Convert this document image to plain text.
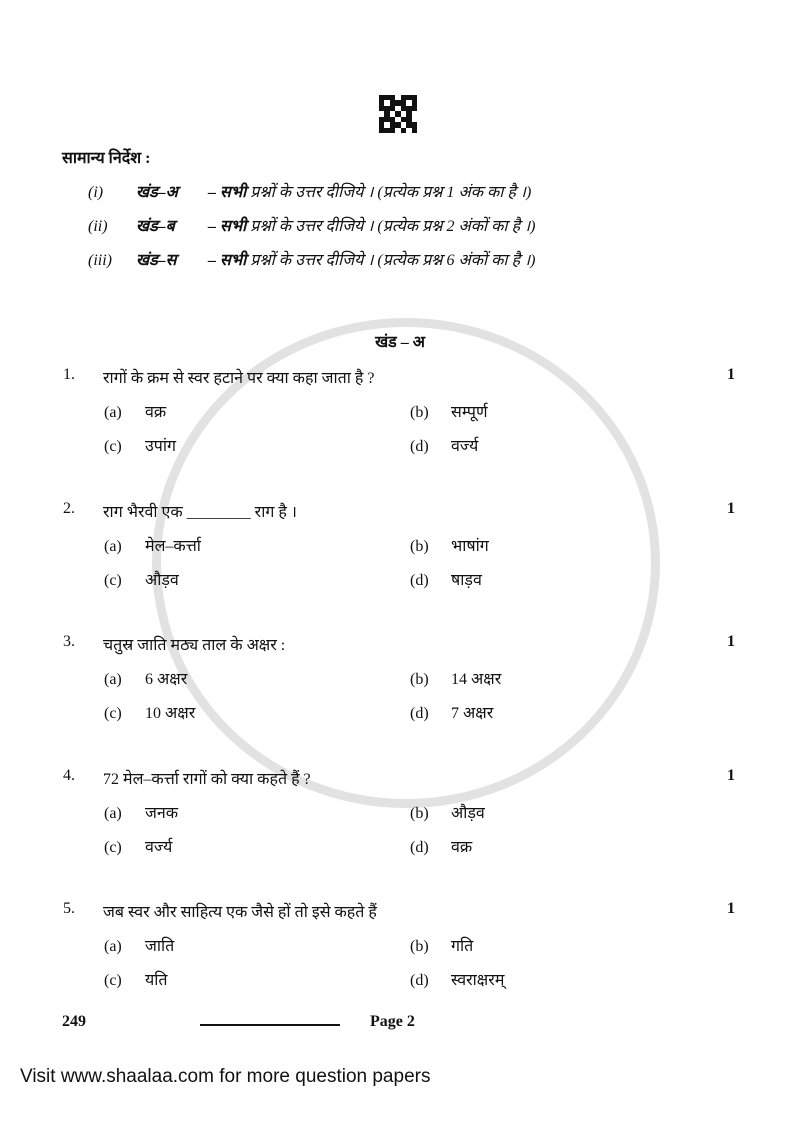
सामान्य निर्देश :
(i) खंड–अ – सभी प्रश्नों के उत्तर दीजिये । (प्रत्येक प्रश्न 1 अंक का है ।)
(ii) खंड–ब – सभी प्रश्नों के उत्तर दीजिये । (प्रत्येक प्रश्न 2 अंकों का है ।)
(iii) खंड–स – सभी प्रश्नों के उत्तर दीजिये । (प्रत्येक प्रश्न 6 अंकों का है ।)
खंड – अ
1. रागों के क्रम से स्वर हटाने पर क्या कहा जाता है ?	1
(a) वक्र	(b) सम्पूर्ण
(c) उपांग	(d) वर्ज्य
2. राग भैरवी एक ________ राग है ।	1
(a) मेल–कर्त्ता	(b) भाषांग
(c) औड़व	(d) षाड़व
3. चतुस्र जाति मठ्य ताल के अक्षर :	1
(a) 6 अक्षर	(b) 14 अक्षर
(c) 10 अक्षर	(d) 7 अक्षर
4. 72 मेल–कर्त्ता रागों को क्या कहते हैं ?	1
(a) जनक	(b) औड़व
(c) वर्ज्य	(d) वक्र
5. जब स्वर और साहित्य एक जैसे हों तो इसे कहते हैं	1
(a) जाति	(b) गति
(c) यति	(d) स्वराक्षरम्
249	Page 2
Visit www.shaalaa.com for more question papers
